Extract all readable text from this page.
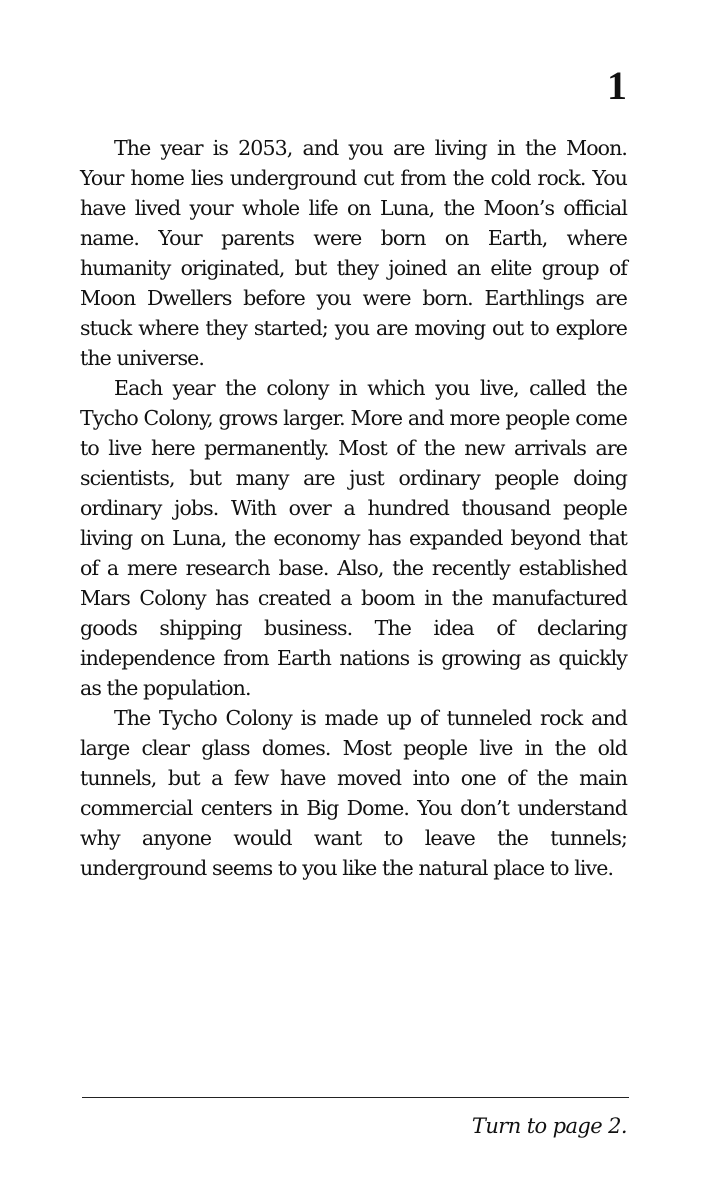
1

The year is 2053, and you are living in the Moon. Your home lies underground cut from the cold rock. You have lived your whole life on Luna, the Moon’s official name. Your parents were born on Earth, where humanity originated, but they joined an elite group of Moon Dwellers before you were born. Earthlings are stuck where they started; you are moving out to explore the universe.

Each year the colony in which you live, called the Tycho Colony, grows larger. More and more people come to live here permanently. Most of the new arrivals are scientists, but many are just ordinary people doing ordinary jobs. With over a hundred thousand people living on Luna, the economy has expanded beyond that of a mere research base. Also, the recently established Mars Colony has created a boom in the manufactured goods shipping business. The idea of declaring independence from Earth nations is growing as quickly as the population.

The Tycho Colony is made up of tunneled rock and large clear glass domes. Most people live in the old tunnels, but a few have moved into one of the main commercial centers in Big Dome. You don’t understand why anyone would want to leave the tunnels; underground seems to you like the natural place to live.

Turn to page 2.
